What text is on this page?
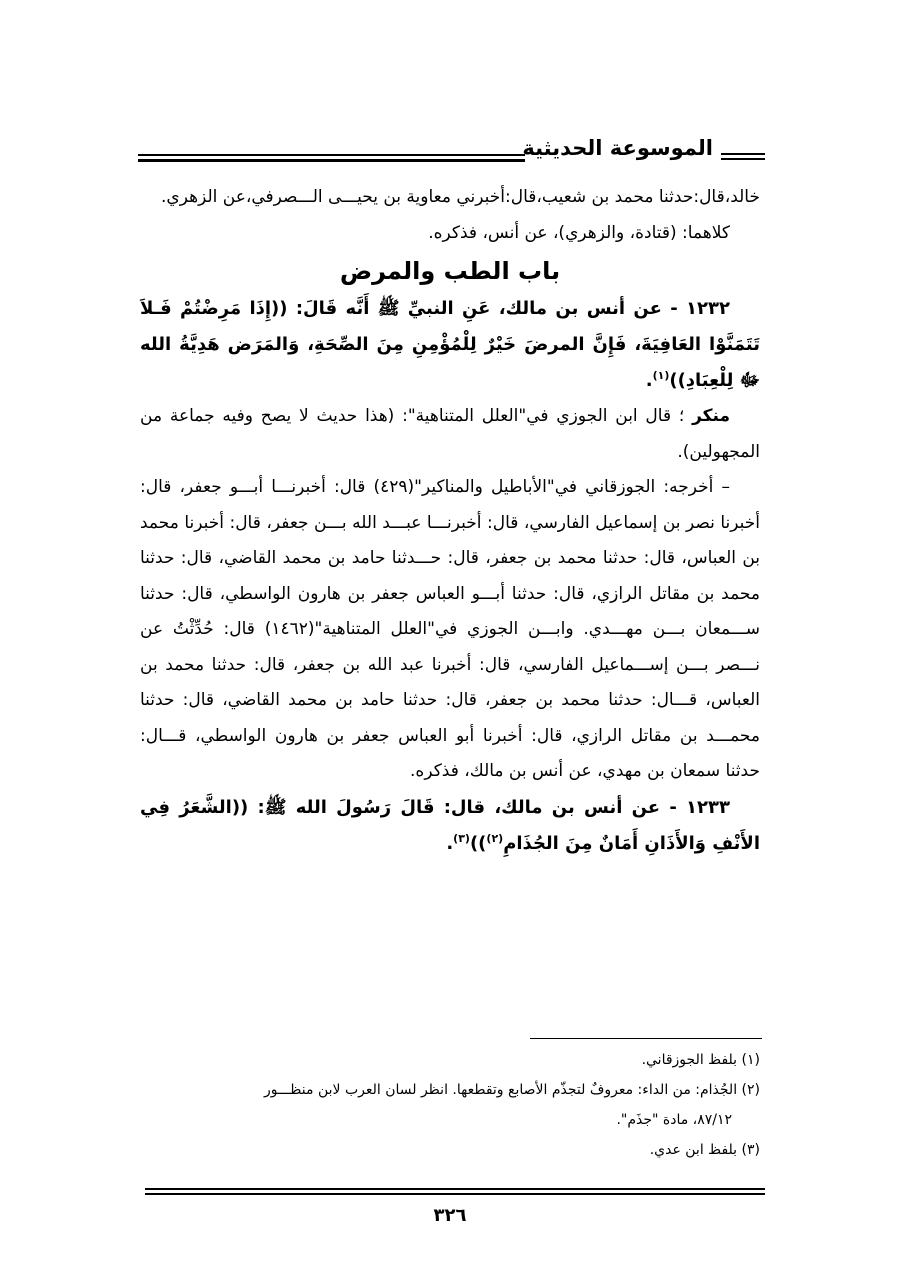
الموسوعة الحديثية

خالد،قال:حدثنا محمد بن شعيب،قال:أخبرني معاوية بن يحيـــى الـــصرفي،عن الزهري.

كلاهما: (قتادة، والزهري)، عن أنس، فذكره.

باب الطب والمرض

١٢٣٢ - عن أنس بن مالك، عَنِ النبيِّ ﷺ أَنَّه قَالَ: ((إِذَا مَرِضْتُمْ فَـلاَ تَتَمَنَّوْا العَافِيَةَ، فَإِنَّ المرضَ خَيْرٌ لِلْمُؤْمِنِ مِنَ الصِّحَةِ، وَالمَرَض هَدِيَّةُ الله ﷻ لِلْعِبَادِ))$^{(١)}$.

منكر ؛ قال ابن الجوزي في"العلل المتناهية": (هذا حديث لا يصح وفيه جماعة من المجهولين).

– أخرجه: الجوزقاني في"الأباطيل والمناكير"(٤٢٩) قال: أخبرنـــا أبـــو جعفر، قال: أخبرنا نصر بن إسماعيل الفارسي، قال: أخبرنـــا عبـــد الله بـــن جعفر، قال: أخبرنا محمد بن العباس، قال: حدثنا محمد بن جعفر، قال: حـــدثنا حامد بن محمد القاضي، قال: حدثنا محمد بن مقاتل الرازي، قال: حدثنا أبـــو العباس جعفر بن هارون الواسطي، قال: حدثنا ســـمعان بـــن مهـــدي. وابـــن الجوزي في"العلل المتناهية"(١٤٦٢) قال: حُدِّثْتُ عن نـــصر بـــن إســـماعيل الفارسي، قال: أخبرنا عبد الله بن جعفر، قال: حدثنا محمد بن العباس، قـــال: حدثنا محمد بن جعفر، قال: حدثنا حامد بن محمد القاضي، قال: حدثنا محمـــد بن مقاتل الرازي، قال: أخبرنا أبو العباس جعفر بن هارون الواسطي، قـــال: حدثنا سمعان بن مهدي، عن أنس بن مالك، فذكره.

١٢٣٣ - عن أنس بن مالك، قال: قَالَ رَسُولَ الله ﷺ: ((الشَّعَرُ فِي الأَنْفِ وَالأَذَانِ أَمَانٌ مِنَ الجُذَامِ$^{(٢)}$))$^{(٣)}$.

(١) بلفظ الجوزقاني.

(٢) الجُذام: من الداء: معروفٌ لتجذّم الأصابع وتقطعها. انظر لسان العرب لابن منظـــور

٨٧/١٢، مادة "جذَم".

(٣) بلفظ ابن عدي.

٣٢٦
